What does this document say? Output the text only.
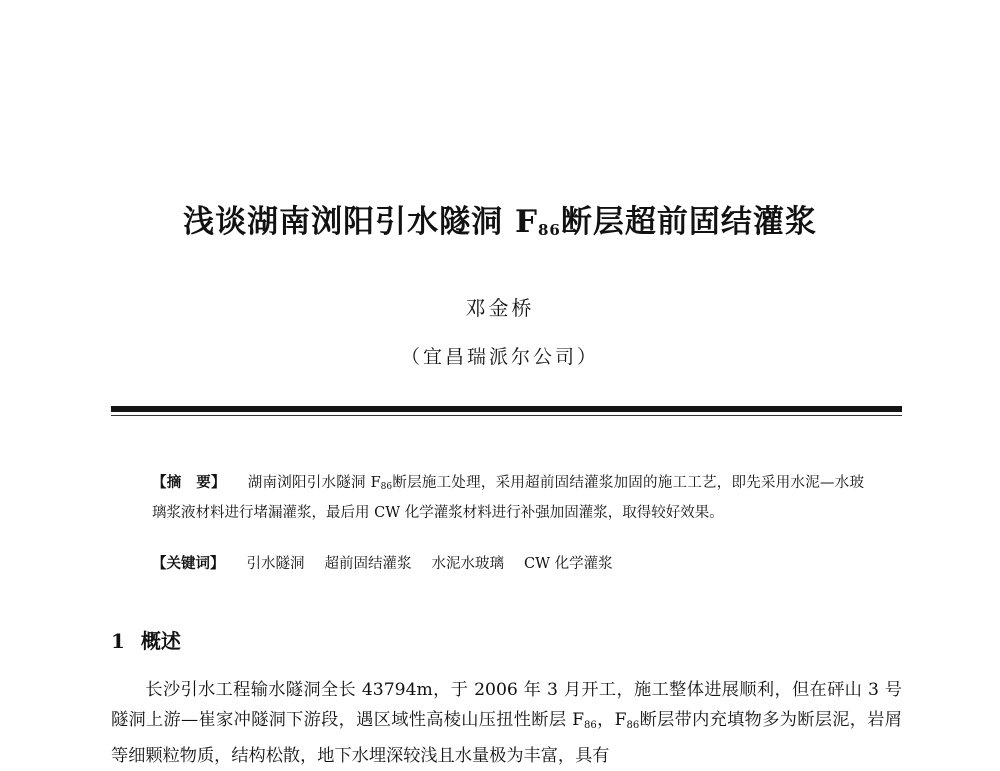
浅谈湖南浏阳引水隧洞 $F_{86}$断层超前固结灌浆
邓金桥
（宜昌瑞派尔公司）
【摘　要】 湖南浏阳引水隧洞 $F_{86}$断层施工处理，采用超前固结灌浆加固的施工工艺，即先采用水泥—水玻璃浆液材料进行堵漏灌浆，最后用 CW 化学灌浆材料进行补强加固灌浆，取得较好效果。
【关键词】 引水隧洞 超前固结灌浆 水泥水玻璃 CW 化学灌浆
1 概述
长沙引水工程输水隧洞全长 43794m，于 2006 年 3 月开工，施工整体进展顺利，但在砰山 3 号隧洞上游—崔家冲隧洞下游段，遇区域性高棱山压扭性断层 $F_{86}$，$F_{86}$断层带内充填物多为断层泥，岩屑等细颗粒物质，结构松散，地下水埋深较浅且水量极为丰富，具有
